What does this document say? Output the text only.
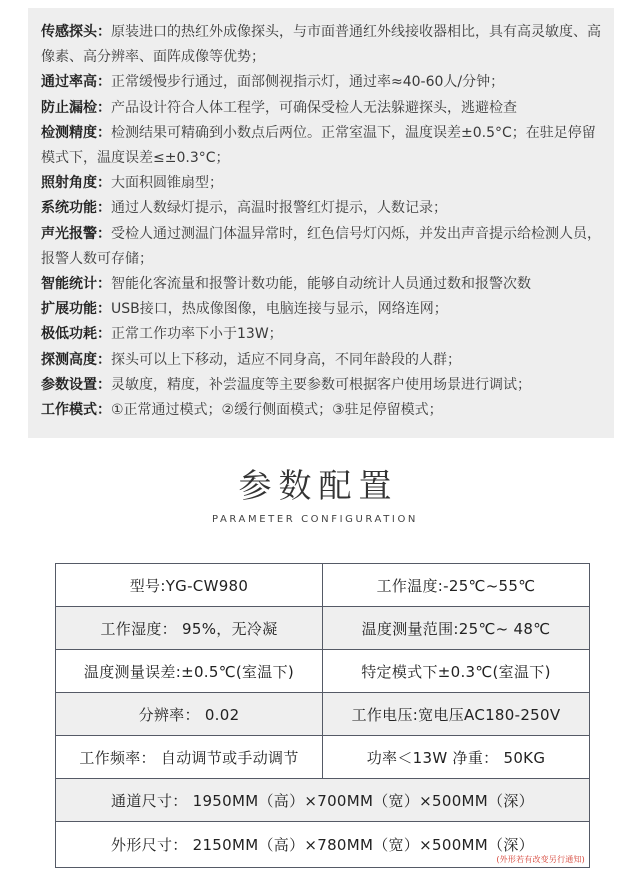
传感探头：原装进口的热红外成像探头，与市面普通红外线接收器相比，具有高灵敏度、高像素、高分辨率、面阵成像等优势；

通过率高：正常缓慢步行通过，面部侧视指示灯，通过率≈40-60人/分钟；

防止漏检：产品设计符合人体工程学，可确保受检人无法躲避探头，逃避检查

检测精度：检测结果可精确到小数点后两位。正常室温下，温度误差±0.5°C；在驻足停留模式下，温度误差≤±0.3°C；

照射角度：大面积圆锥扇型；

系统功能：通过人数绿灯提示，高温时报警红灯提示，人数记录；

声光报警：受检人通过测温门体温异常时，红色信号灯闪烁，并发出声音提示给检测人员，报警人数可存储；

智能统计：智能化客流量和报警计数功能，能够自动统计人员通过数和报警次数

扩展功能：USB接口，热成像图像，电脑连接与显示，网络连网；

极低功耗：正常工作功率下小于13W；

探测高度：探头可以上下移动，适应不同身高，不同年龄段的人群；

参数设置：灵敏度，精度，补尝温度等主要参数可根据客户使用场景进行调试；

工作模式：①正常通过模式；②缓行侧面模式；③驻足停留模式；

参数配置
PARAMETER CONFIGURATION
型号:YG-CW980	工作温度:-25℃~55℃
工作湿度： 95%，无冷凝	温度测量范围:25℃~ 48℃
温度测量误差:±0.5℃(室温下)	特定模式下±0.3℃(室温下)
分辨率： 0.02	工作电压:宽电压AC180-250V
工作频率： 自动调节或手动调节	功率＜13W 净重： 50KG
通道尺寸： 1950MM（高）×700MM（宽）×500MM（深）	
外形尺寸： 2150MM（高）×780MM（宽）×500MM（深）
(外形若有改变另行通知)	
